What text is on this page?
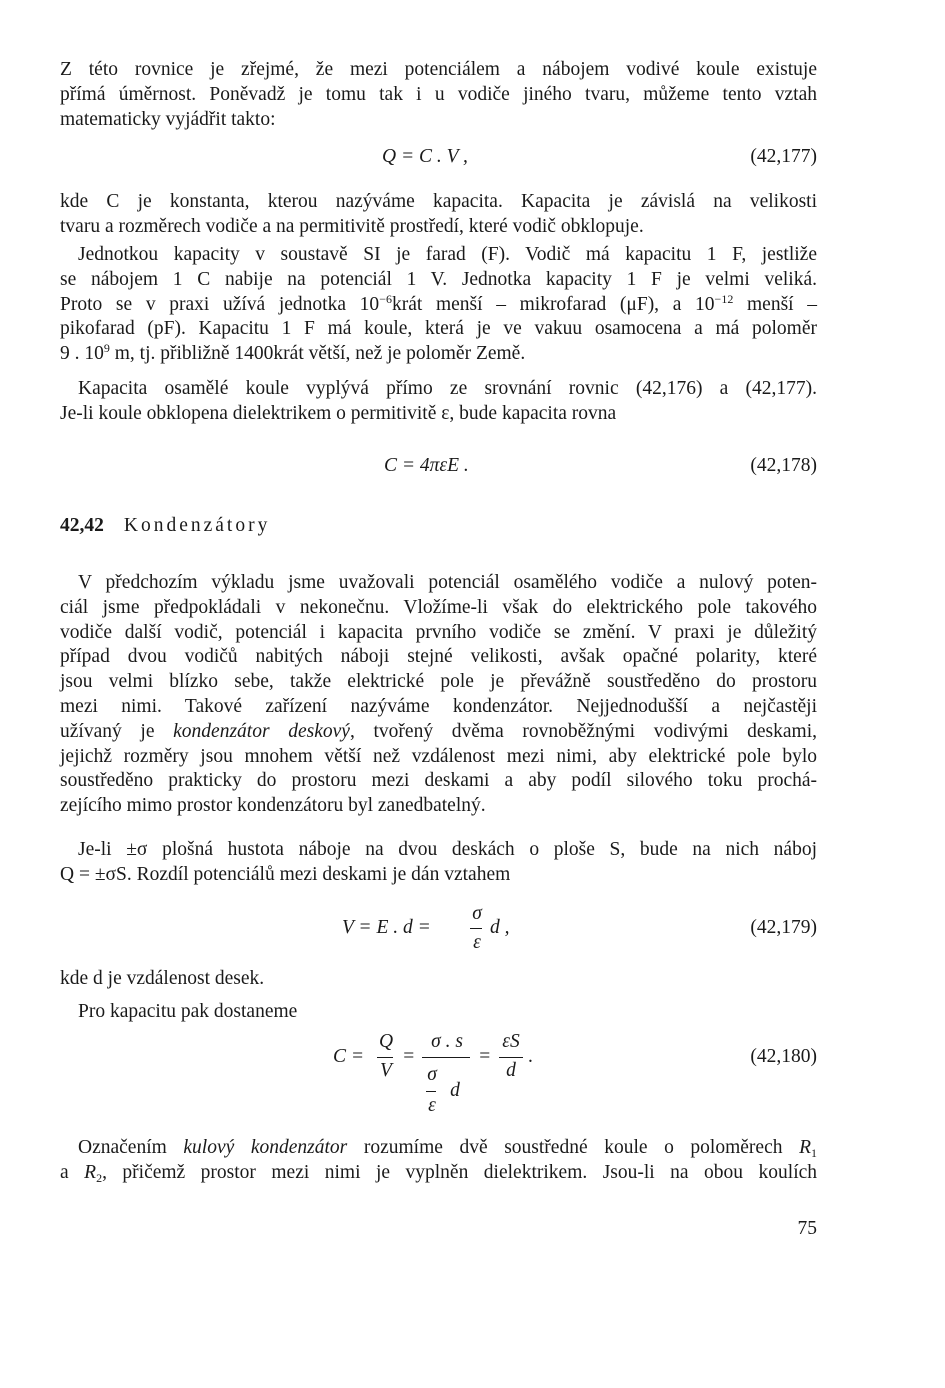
Z této rovnice je zřejmé, že mezi potenciálem a nábojem vodivé koule existuje
přímá úměrnost. Poněvadž je tomu tak i u vodiče jiného tvaru, můžeme tento vztah
matematicky vyjádřit takto:
Q = C . V ,	(42,177)
kde C je konstanta, kterou nazýváme kapacita. Kapacita je závislá na velikosti
tvaru a rozměrech vodiče a na permitivitě prostředí, které vodič obklopuje.
Jednotkou kapacity v soustavě SI je farad (F). Vodič má kapacitu 1 F, jestliže
se nábojem 1 C nabije na potenciál 1 V. Jednotka kapacity 1 F je velmi veliká.
Proto se v praxi užívá jednotka $10^{-6}krát$ menší – mikrofarad (μF), a $10^{-12}$ menší –
pikofarad (pF). Kapacitu 1 F má koule, která je ve vakuu osamocena a má poloměr
9 . $10^9$ m, tj. přibližně 1400krát větší, než je poloměr Země.
Kapacita osamělé koule vyplývá přímo ze srovnání rovnic (42,176) a (42,177).
Je-li koule obklopena dielektrikem o permitivitě ε, bude kapacita rovna
C = 4πεE .	(42,178)
42,42 Kondenzátory
V předchozím výkladu jsme uvažovali potenciál osamělého vodiče a nulový poten-
ciál jsme předpokládali v nekonečnu. Vložíme-li však do elektrického pole takového
vodiče další vodič, potenciál i kapacita prvního vodiče se změní. V praxi je důležitý
případ dvou vodičů nabitých náboji stejné velikosti, avšak opačné polarity, které
jsou velmi blízko sebe, takže elektrické pole je převážně soustředěno do prostoru
mezi nimi. Takové zařízení nazýváme kondenzátor. Nejjednodušší a nejčastěji
užívaný je kondenzátor deskový, tvořený dvěma rovnoběžnými vodivými deskami,
jejichž rozměry jsou mnohem větší než vzdálenost mezi nimi, aby elektrické pole bylo
soustředěno prakticky do prostoru mezi deskami a aby podíl silového toku prochá-
zejícího mimo prostor kondenzátoru byl zanedbatelný.
Je-li ±σ plošná hustota náboje na dvou deskách o ploše S, bude na nich náboj
Q = ±σS. Rozdíl potenciálů mezi deskami je dán vztahem
V = E . d =
σ
ε
d ,	(42,179)
kde d je vzdálenost desek.
Pro kapacitu pak dostaneme
C =
Q
V
=
σ . s
σ
ε
d
=
εS
d
.	(42,180)
Označením kulový kondenzátor rozumíme dvě soustředné koule o poloměrech $R_1$
a $R_2$, přičemž prostor mezi nimi je vyplněn dielektrikem. Jsou-li na obou koulích
75
